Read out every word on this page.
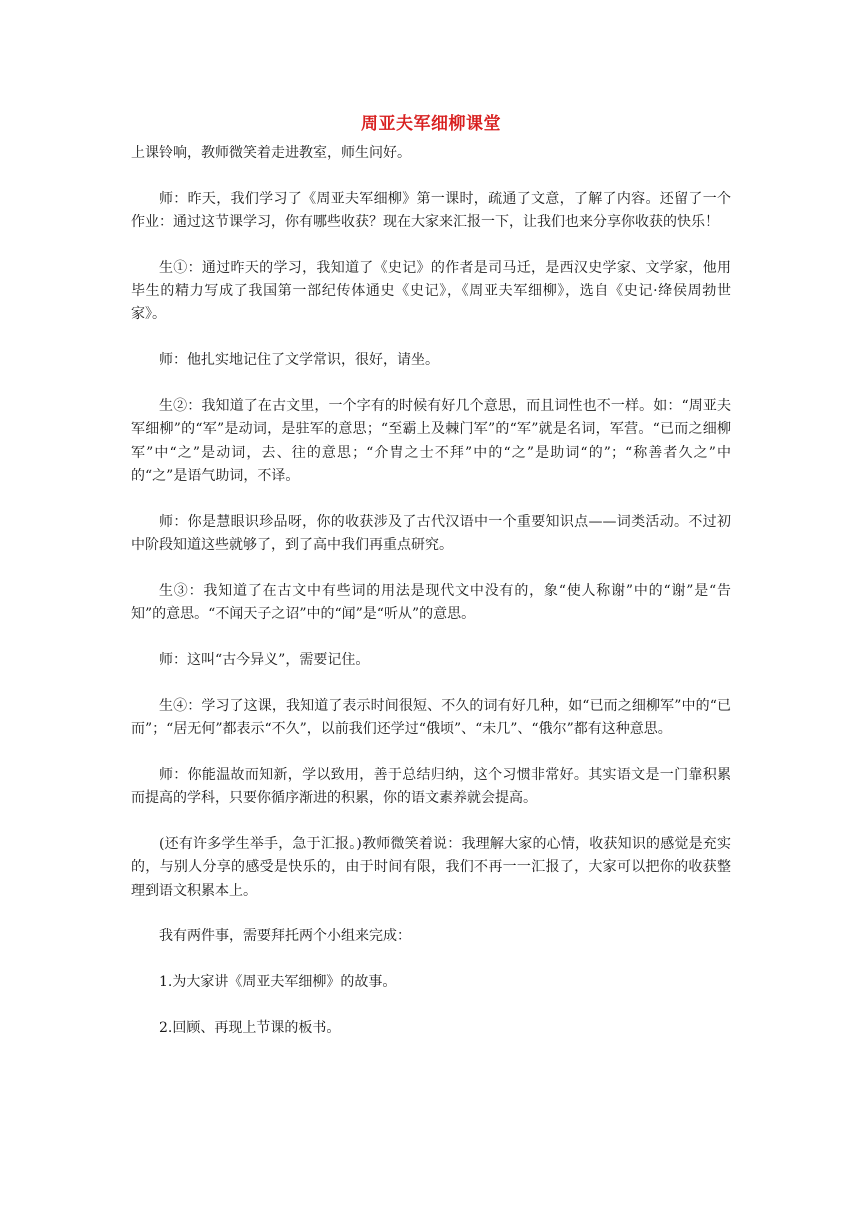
周亚夫军细柳课堂

上课铃响，教师微笑着走进教室，师生问好。

师：昨天，我们学习了《周亚夫军细柳》第一课时，疏通了文意，了解了内容。还留了一个作业：通过这节课学习，你有哪些收获？现在大家来汇报一下，让我们也来分享你收获的快乐！

生①：通过昨天的学习，我知道了《史记》的作者是司马迁，是西汉史学家、文学家，他用毕生的精力写成了我国第一部纪传体通史《史记》，《周亚夫军细柳》，选自《史记·绛侯周勃世家》。

师：他扎实地记住了文学常识，很好，请坐。

生②：我知道了在古文里，一个字有的时候有好几个意思，而且词性也不一样。如：“周亚夫军细柳”的“军”是动词，是驻军的意思；“至霸上及棘门军”的“军”就是名词，军营。“已而之细柳军”中“之”是动词，去、往的意思；“介胄之士不拜”中的“之”是助词“的”；“称善者久之”中的“之”是语气助词，不译。

师：你是慧眼识珍品呀，你的收获涉及了古代汉语中一个重要知识点——词类活动。不过初中阶段知道这些就够了，到了高中我们再重点研究。

生③：我知道了在古文中有些词的用法是现代文中没有的，象“使人称谢”中的“谢”是“告知”的意思。“不闻天子之诏”中的“闻”是“听从”的意思。

师：这叫“古今异义”，需要记住。

生④：学习了这课，我知道了表示时间很短、不久的词有好几种，如“已而之细柳军”中的“已而”；“居无何”都表示“不久”，以前我们还学过“俄顷”、“未几”、“俄尔”都有这种意思。

师：你能温故而知新，学以致用，善于总结归纳，这个习惯非常好。其实语文是一门靠积累而提高的学科，只要你循序渐进的积累，你的语文素养就会提高。

(还有许多学生举手，急于汇报。)教师微笑着说：我理解大家的心情，收获知识的感觉是充实的，与别人分享的感受是快乐的，由于时间有限，我们不再一一汇报了，大家可以把你的收获整理到语文积累本上。

我有两件事，需要拜托两个小组来完成：

1.为大家讲《周亚夫军细柳》的故事。

2.回顾、再现上节课的板书。
